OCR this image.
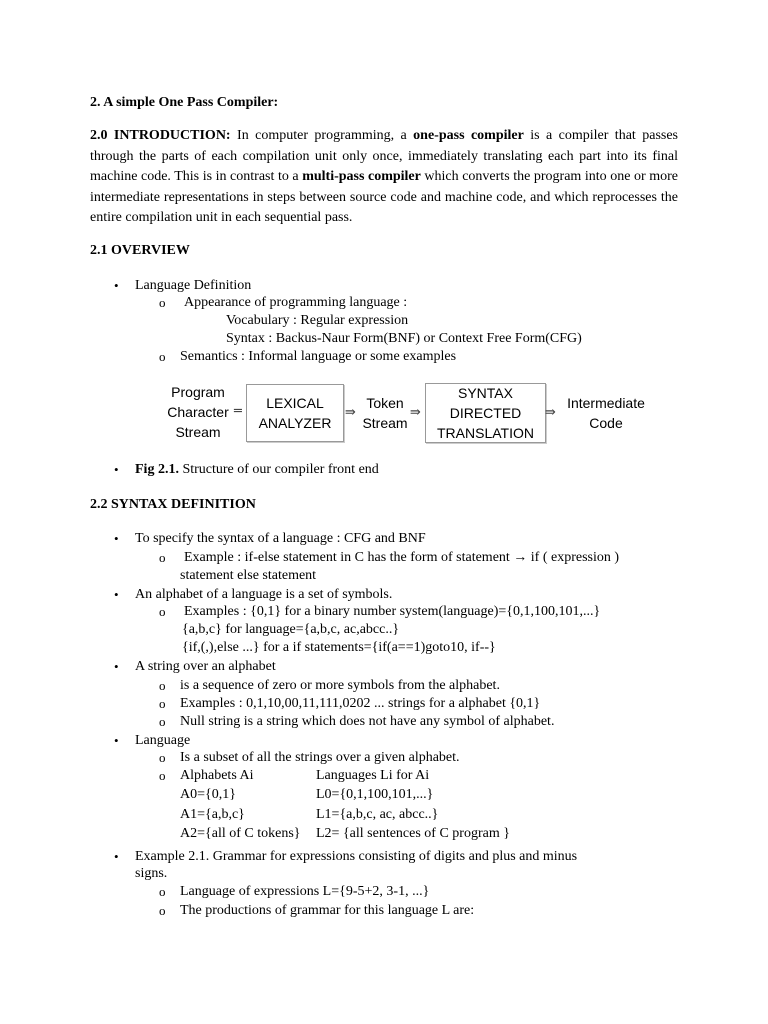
2. A simple One Pass Compiler:
2.0 INTRODUCTION: In computer programming, a one-pass compiler is a compiler that passes through the parts of each compilation unit only once, immediately translating each part into its final machine code. This is in contrast to a multi-pass compiler which converts the program into one or more intermediate representations in steps between source code and machine code, and which reprocesses the entire compilation unit in each sequential pass.
2.1 OVERVIEW
• Language Definition
o Appearance of programming language :
Vocabulary : Regular expression
Syntax : Backus-Naur Form(BNF) or Context Free Form(CFG)
o Semantics : Informal language or some examples
Program
Character
Stream
═
LEXICAL
ANALYZER
⇛
Token
Stream
⇛
SYNTAX
DIRECTED
TRANSLATION
⇛
Intermediate
Code
• Fig 2.1. Structure of our compiler front end
2.2 SYNTAX DEFINITION
• To specify the syntax of a language : CFG and BNF
o Example : if-else statement in C has the form of statement → if ( expression )
statement else statement
• An alphabet of a language is a set of symbols.
o Examples : {0,1} for a binary number system(language)={0,1,100,101,...}
{a,b,c} for language={a,b,c, ac,abcc..}
{if,(,),else ...} for a if statements={if(a==1)goto10, if--}
• A string over an alphabet
o is a sequence of zero or more symbols from the alphabet.
o Examples : 0,1,10,00,11,111,0202 ... strings for a alphabet {0,1}
o Null string is a string which does not have any symbol of alphabet.
• Language
o Is a subset of all the strings over a given alphabet.
o Alphabets Ai	Languages Li for Ai
A0={0,1}	L0={0,1,100,101,...}
A1={a,b,c}	L1={a,b,c, ac, abcc..}
A2={all of C tokens} L2= {all sentences of C program }
• Example 2.1. Grammar for expressions consisting of digits and plus and minus
signs.
o Language of expressions L={9-5+2, 3-1, ...}
o The productions of grammar for this language L are:
